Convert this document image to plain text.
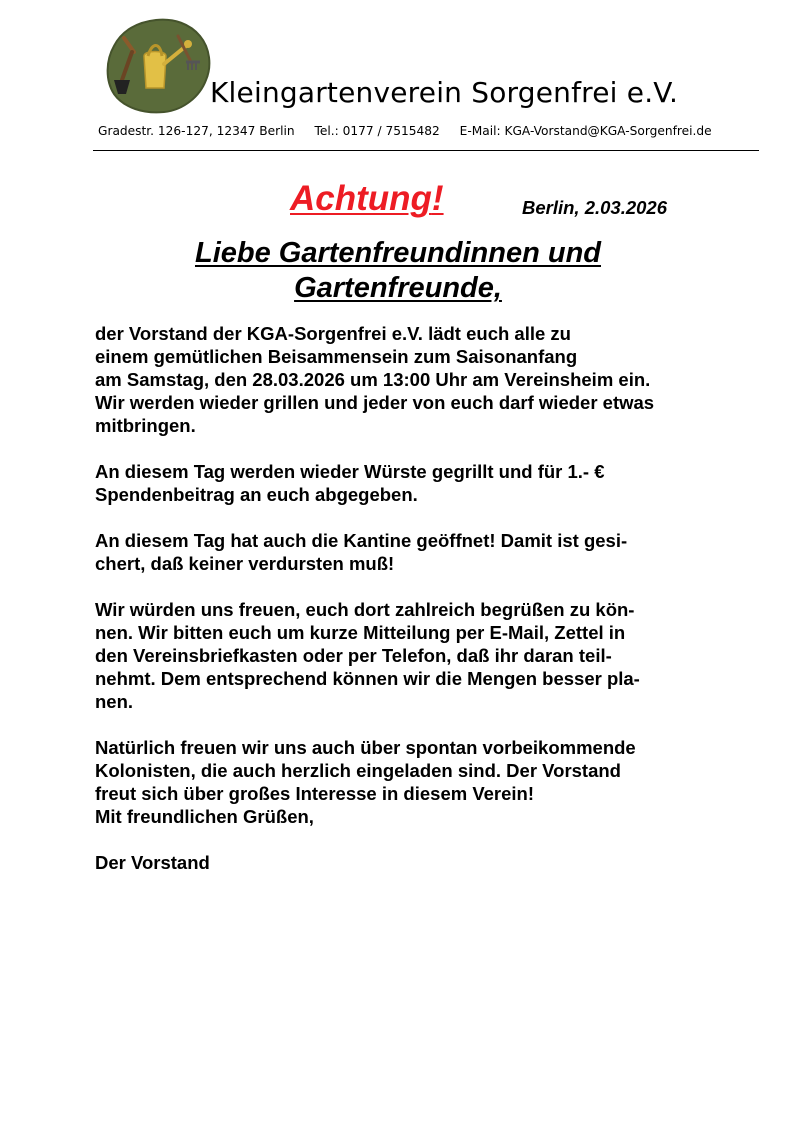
Kleingartenverein Sorgenfrei e.V.
Gradestr. 126-127, 12347 Berlin Tel.: 0177 / 7515482 E-Mail: KGA-Vorstand@KGA-Sorgenfrei.de
Achtung!	Berlin, 2.03.2026
Liebe Gartenfreundinnen und
Gartenfreunde,
der Vorstand der KGA-Sorgenfrei e.V. lädt euch alle zu
einem gemütlichen Beisammensein zum Saisonanfang
am Samstag, den 28.03.2026 um 13:00 Uhr am Vereinsheim ein.
Wir werden wieder grillen und jeder von euch darf wieder etwas
mitbringen.
An diesem Tag werden wieder Würste gegrillt und für 1.- €
Spendenbeitrag an euch abgegeben.
An diesem Tag hat auch die Kantine geöffnet! Damit ist gesi-
chert, daß keiner verdursten muß!
Wir würden uns freuen, euch dort zahlreich begrüßen zu kön-
nen. Wir bitten euch um kurze Mitteilung per E-Mail, Zettel in
den Vereinsbriefkasten oder per Telefon, daß ihr daran teil-
nehmt. Dem entsprechend können wir die Mengen besser pla-
nen.
Natürlich freuen wir uns auch über spontan vorbeikommende
Kolonisten, die auch herzlich eingeladen sind. Der Vorstand
freut sich über großes Interesse in diesem Verein!
Mit freundlichen Grüßen,
Der Vorstand
